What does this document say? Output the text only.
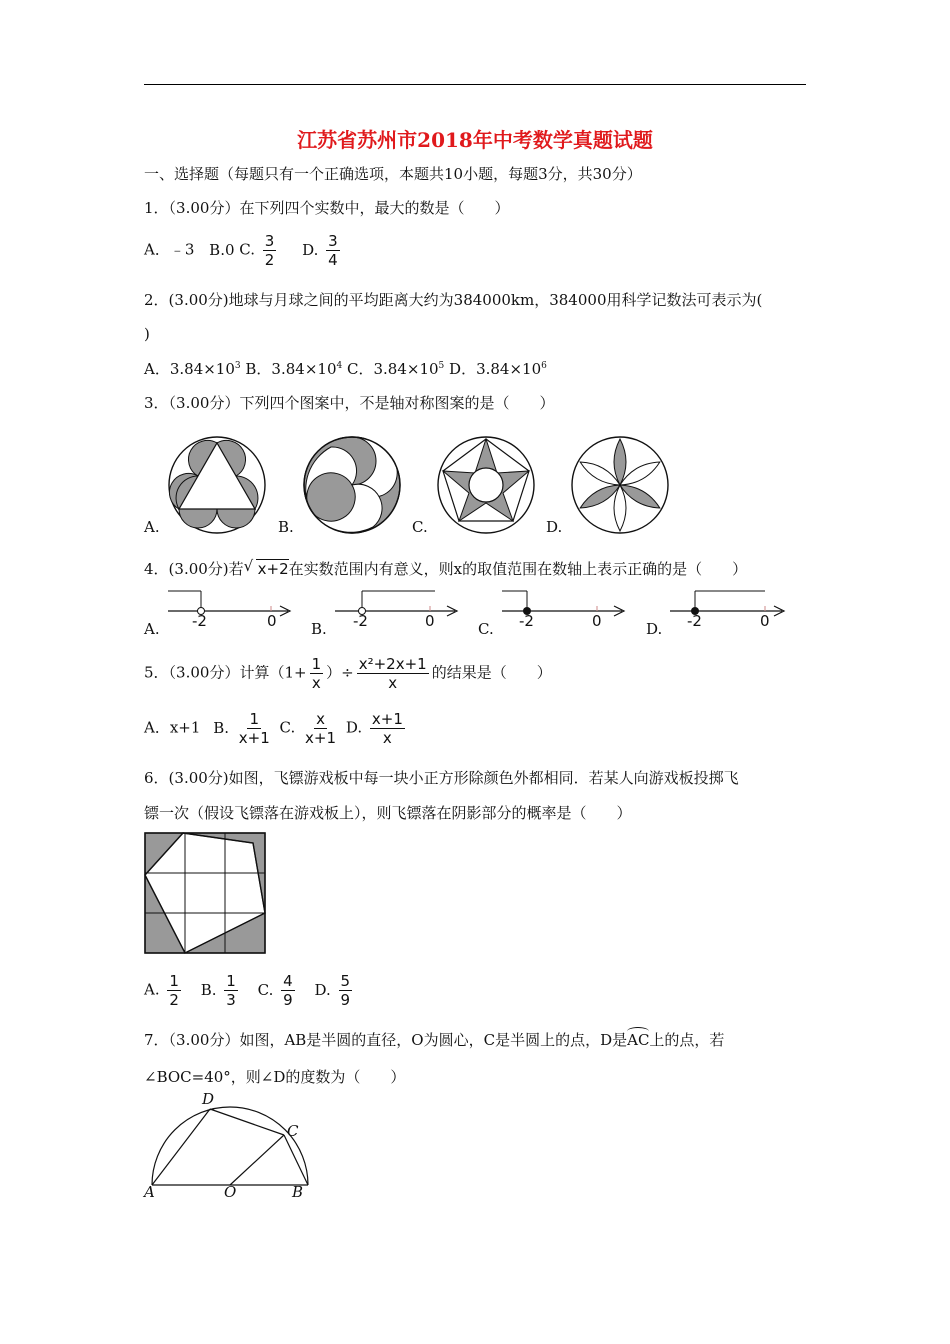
江苏省苏州市2018年中考数学真题试题
一、选择题（每题只有一个正确选项，本题共10小题，每题3分，共30分）
1．（3.00分）在下列四个实数中，最大的数是（　　）
A．﹣3 B.0 C. $\frac{3}{2} D$. $\frac{3}{4}$
2．(3.00分)地球与月球之间的平均距离大约为384000km，384000用科学记数法可表示为(
)
A．$3.84\times 10^3$ B．$3.84\times 10^4$ C．$3.84\times 10^5$ D．$3.84\times 10^6$
3．（3.00分）下列四个图案中，不是轴对称图案的是（　　）
A.	B.	C.	D.
4．(3.00分)若 √ x+2在实数范围内有意义，则x的取值范围在数轴上表示正确的是（　　）
-2	0
A.	-2	0
B.	-2	0
C.	-2	0
D.
5．（3.00分）计算（$1+ \frac{1}{x}$ ）÷ $\frac{\text{x²+2x+1}}{x}$ 的结果是（　　）
A．x+1 B. $\frac{1}{x+1} C$. $\frac{x}{x+1} D$. $\frac{x+1}{x}$
6．(3.00分)如图，飞镖游戏板中每一块小正方形除颜色外都相同．若某人向游戏板投掷飞
镖一次（假设飞镖落在游戏板上），则飞镖落在阴影部分的概率是（　　）
A. $\frac{1}{2} B$. $\frac{1}{3} C$. $\frac{4}{9} D$. $\frac{5}{9}$
7．（3.00分）如图，AB是半圆的直径，O为圆心，C是半圆上的点，D是AC上的点，若
∠BOC=40°，则∠D的度数为（　　）
D
C
A	O	B
